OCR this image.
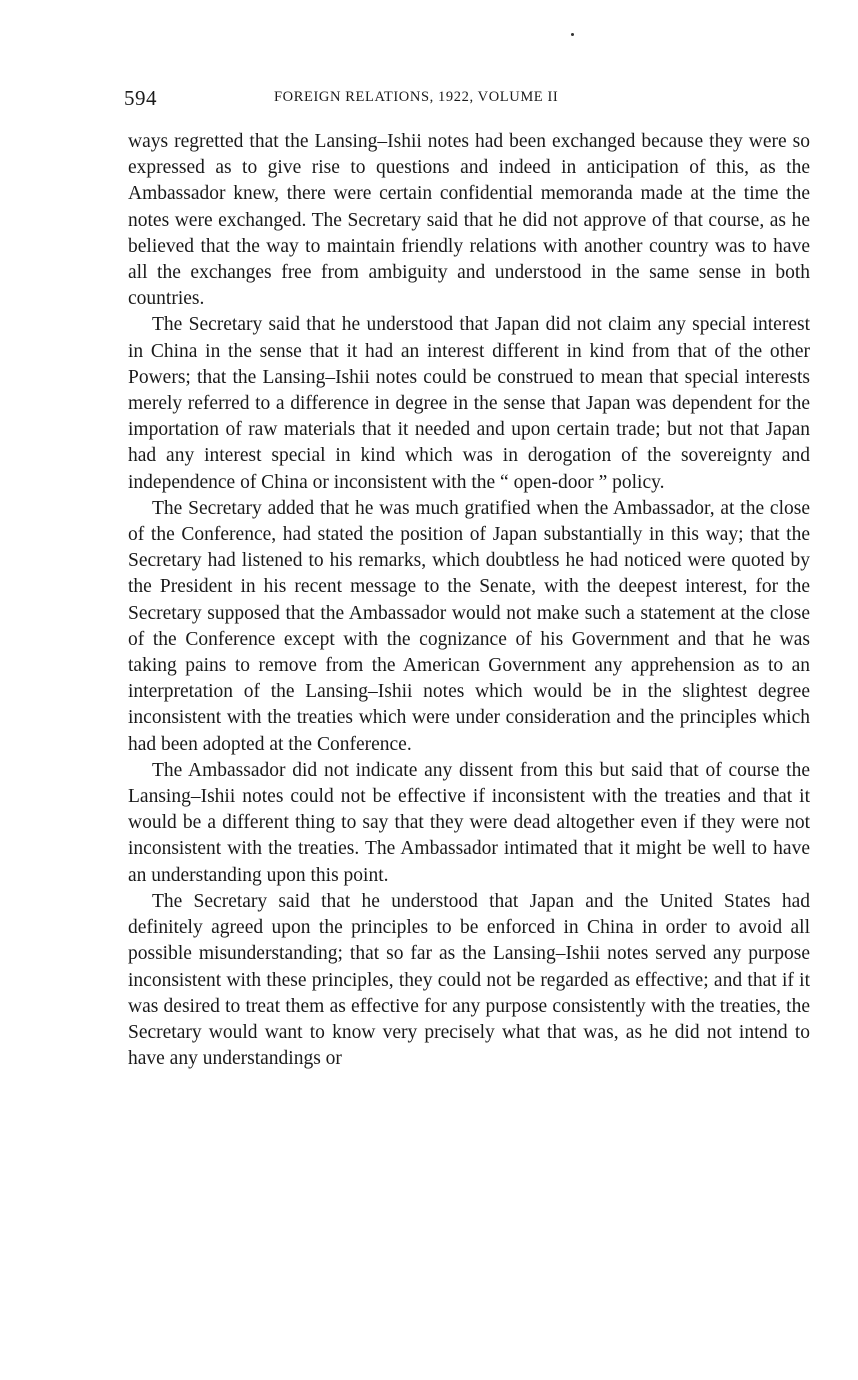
594	FOREIGN RELATIONS, 1922, VOLUME II

ways regretted that the Lansing–Ishii notes had been exchanged because they were so expressed as to give rise to questions and indeed in anticipation of this, as the Ambassador knew, there were certain confidential memoranda made at the time the notes were exchanged. The Secretary said that he did not approve of that course, as he believed that the way to maintain friendly relations with another country was to have all the exchanges free from ambiguity and understood in the same sense in both countries.

The Secretary said that he understood that Japan did not claim any special interest in China in the sense that it had an interest different in kind from that of the other Powers; that the Lansing–Ishii notes could be construed to mean that special interests merely referred to a difference in degree in the sense that Japan was dependent for the importation of raw materials that it needed and upon certain trade; but not that Japan had any interest special in kind which was in derogation of the sovereignty and independence of China or inconsistent with the “ open-door ” policy.

The Secretary added that he was much gratified when the Ambassador, at the close of the Conference, had stated the position of Japan substantially in this way; that the Secretary had listened to his remarks, which doubtless he had noticed were quoted by the President in his recent message to the Senate, with the deepest interest, for the Secretary supposed that the Ambassador would not make such a statement at the close of the Conference except with the cognizance of his Government and that he was taking pains to remove from the American Government any apprehension as to an interpretation of the Lansing–Ishii notes which would be in the slightest degree inconsistent with the treaties which were under consideration and the principles which had been adopted at the Conference.

The Ambassador did not indicate any dissent from this but said that of course the Lansing–Ishii notes could not be effective if inconsistent with the treaties and that it would be a different thing to say that they were dead altogether even if they were not inconsistent with the treaties. The Ambassador intimated that it might be well to have an understanding upon this point.

The Secretary said that he understood that Japan and the United States had definitely agreed upon the principles to be enforced in China in order to avoid all possible misunderstanding; that so far as the Lansing–Ishii notes served any purpose inconsistent with these principles, they could not be regarded as effective; and that if it was desired to treat them as effective for any purpose consistently with the treaties, the Secretary would want to know very precisely what that was, as he did not intend to have any understandings or
